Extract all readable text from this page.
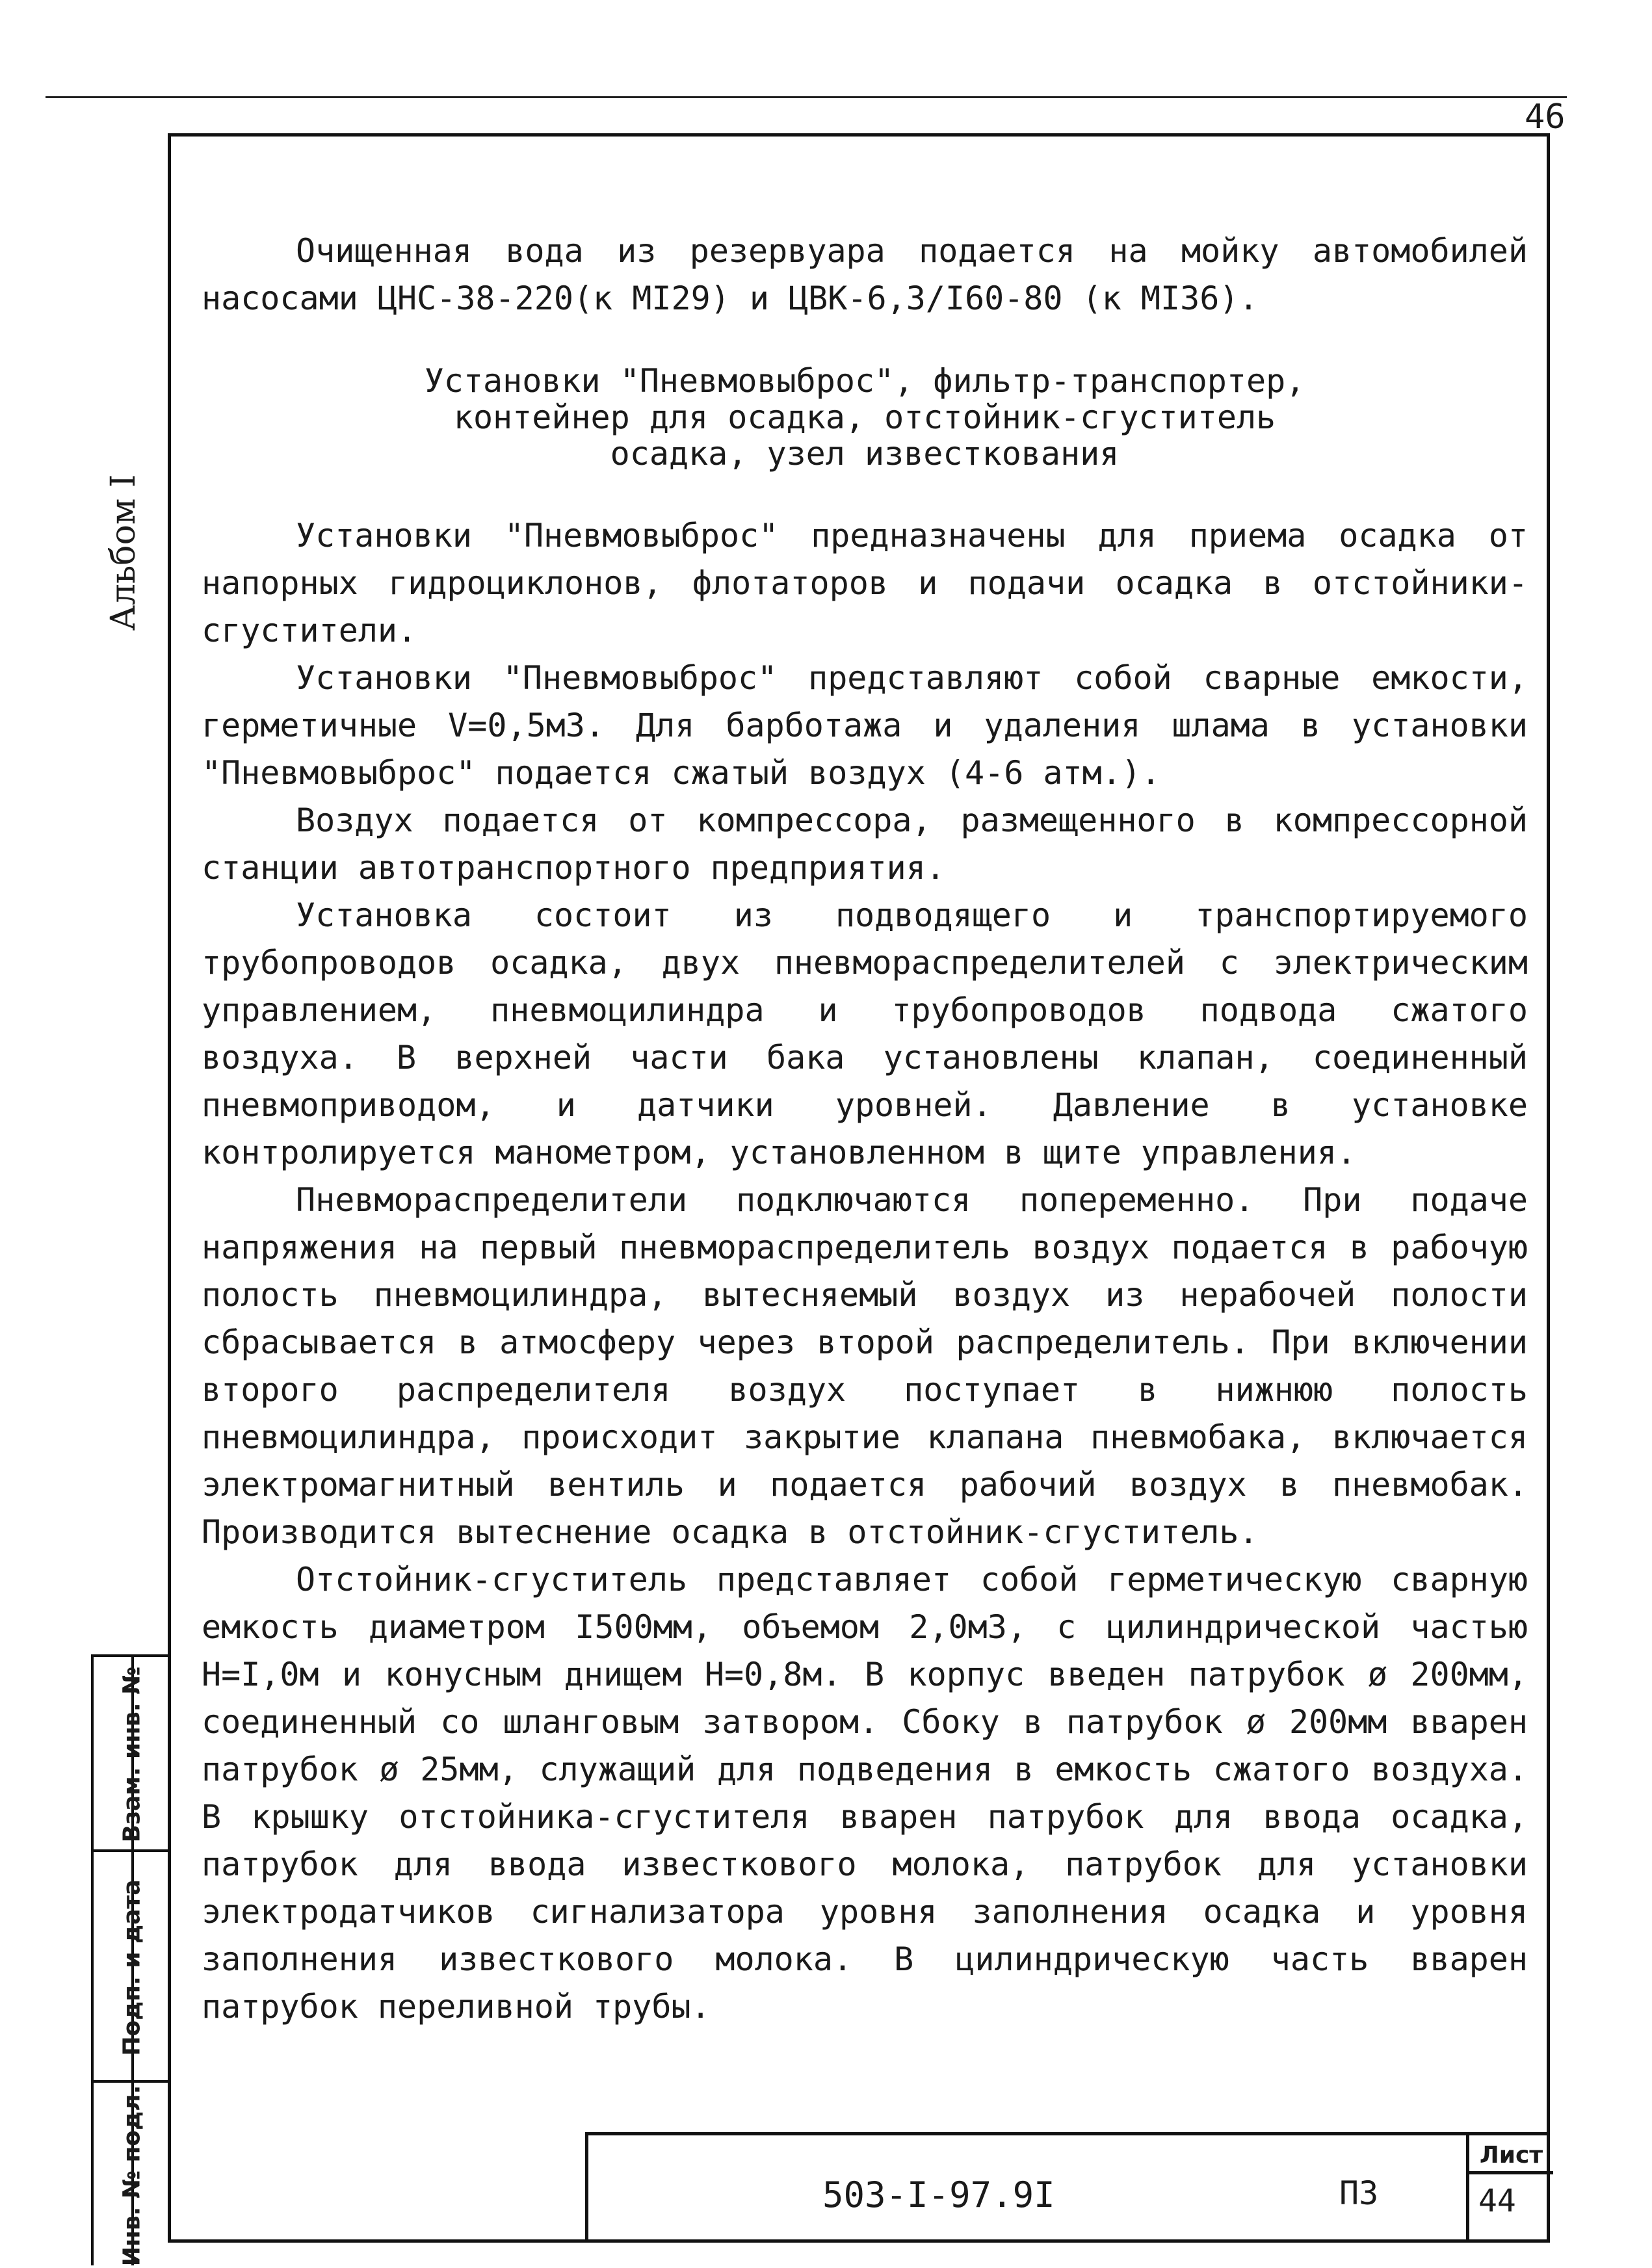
46
Альбом I
Взам. инв. №
Подп. и дата
Инв. № подл.

Очищенная вода из резервуара подается на мойку автомобилей насосами ЦНС-38-220(к МI29) и ЦВК-6,3/I60-80 (к МI36).

Установки "Пневмовыброс", фильтр-транспортер,
контейнер для осадка, отстойник-сгуститель
осадка, узел известкования

Установки "Пневмовыброс" предназначены для приема осадка от напорных гидроциклонов, флотаторов и подачи осадка в отстойники-сгустители.

Установки "Пневмовыброс" представляют собой сварные емкости, герметичные V=0,5м3. Для барботажа и удаления шлама в установки "Пневмовыброс" подается сжатый воздух (4-6 атм.).

Воздух подается от компрессора, размещенного в компрессорной станции автотранспортного предприятия.

Установка состоит из подводящего и транспортируемого трубопроводов осадка, двух пневмораспределителей с электрическим управлением, пневмоцилиндра и трубопроводов подвода сжатого воздуха. В верхней части бака установлены клапан, соединенный пневмоприводом, и датчики уровней. Давление в установке контролируется манометром, установленном в щите управления.

Пневмораспределители подключаются попеременно. При подаче напряжения на первый пневмораспределитель воздух подается в рабочую полость пневмоцилиндра, вытесняемый воздух из нерабочей полости сбрасывается в атмосферу через второй распределитель. При включении второго распределителя воздух поступает в нижнюю полость пневмоцилиндра, происходит закрытие клапана пневмобака, включается электромагнитный вентиль и подается рабочий воздух в пневмобак. Производится вытеснение осадка в отстойник-сгуститель.

Отстойник-сгуститель представляет собой герметическую сварную емкость диаметром I500мм, объемом 2,0м3, с цилиндрической частью Н=I,0м и конусным днищем Н=0,8м. В корпус введен патрубок ø 200мм, соединенный со шланговым затвором. Сбоку в патрубок ø 200мм вварен патрубок ø 25мм, служащий для подведения в емкость сжатого воздуха. В крышку отстойника-сгустителя вварен патрубок для ввода осадка, патрубок для ввода известкового молока, патрубок для установки электродатчиков сигнализатора уровня заполнения осадка и уровня заполнения известкового молока. В цилиндрическую часть вварен патрубок переливной трубы.

503-I-97.9I	ПЗ
Лист
44
